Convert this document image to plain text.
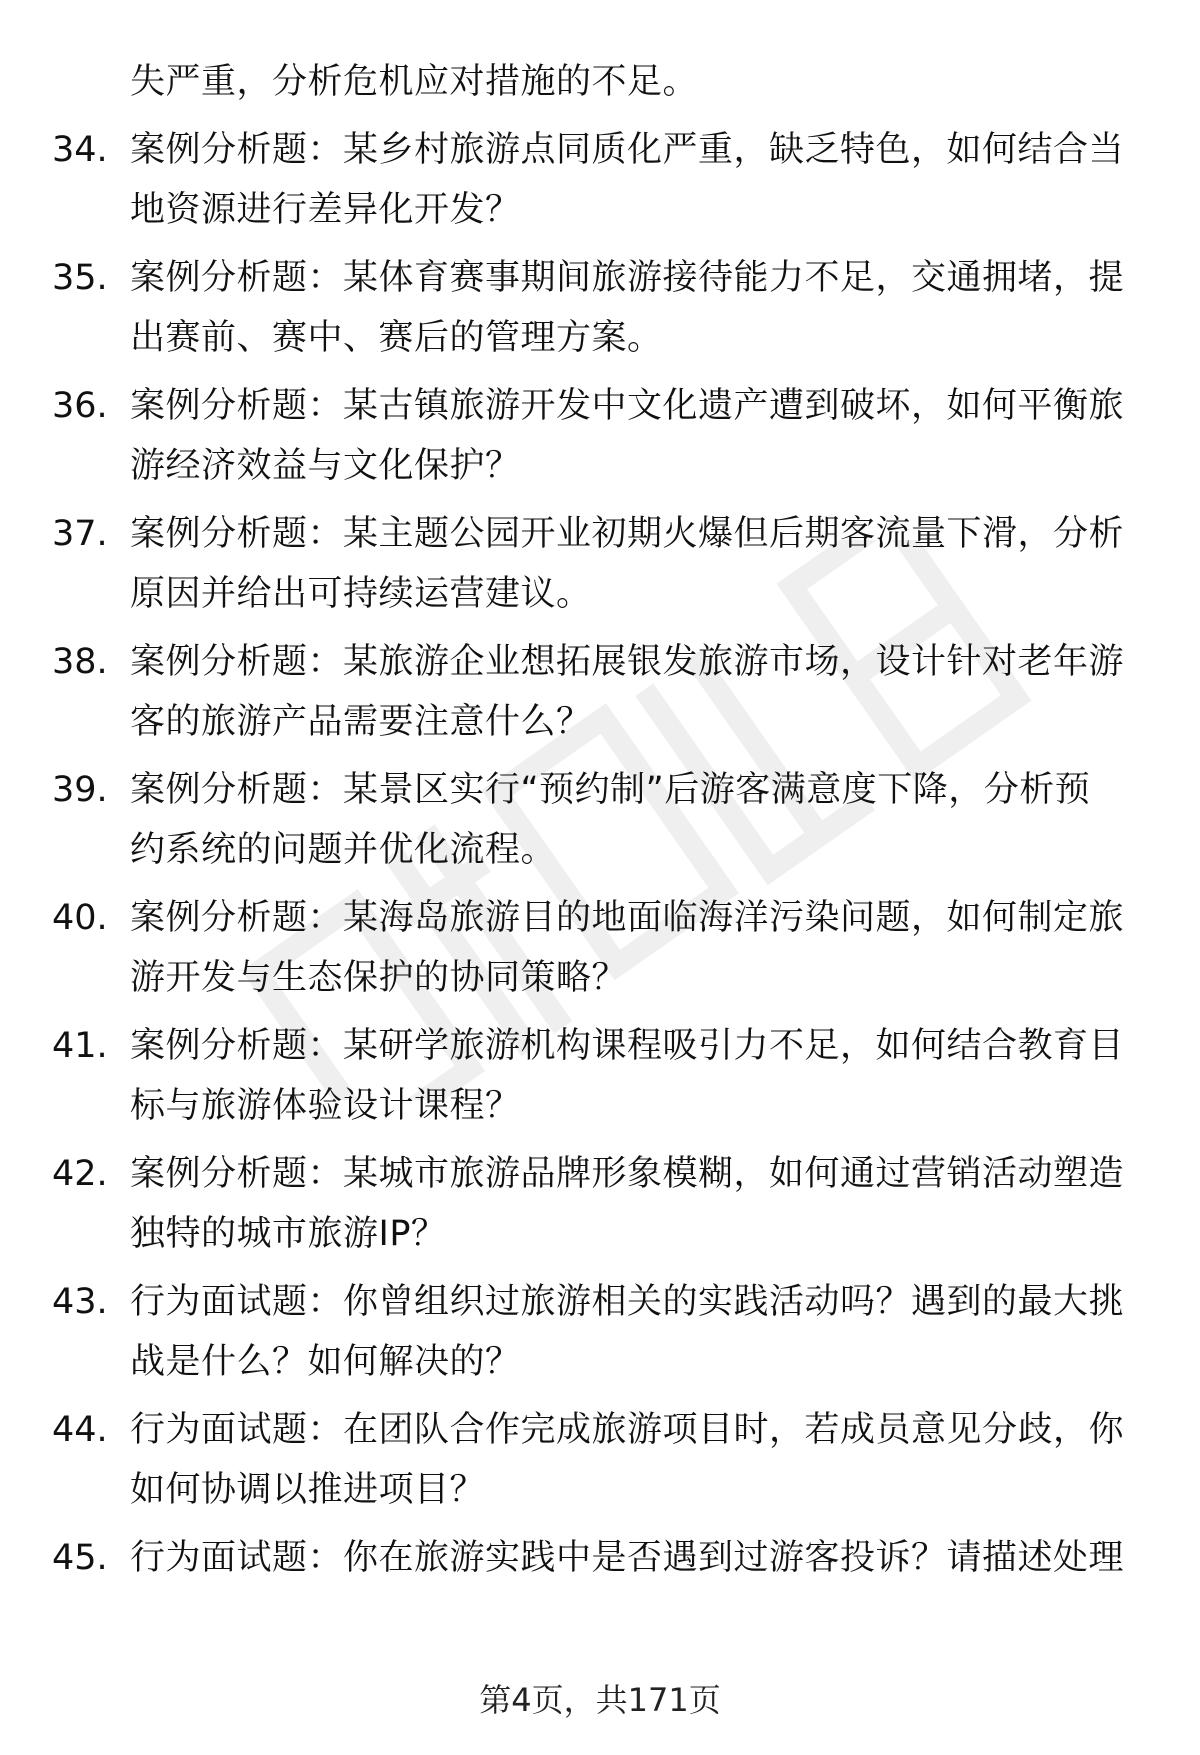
失严重，分析危机应对措施的不足。
34. 案例分析题：某乡村旅游点同质化严重，缺乏特色，如何结合当
地资源进行差异化开发？
35. 案例分析题：某体育赛事期间旅游接待能力不足，交通拥堵，提
出赛前、赛中、赛后的管理方案。
36. 案例分析题：某古镇旅游开发中文化遗产遭到破坏，如何平衡旅
游经济效益与文化保护？
37. 案例分析题：某主题公园开业初期火爆但后期客流量下滑，分析
原因并给出可持续运营建议。
38. 案例分析题：某旅游企业想拓展银发旅游市场，设计针对老年游
客的旅游产品需要注意什么？
39. 案例分析题：某景区实行“预约制”后游客满意度下降，分析预
约系统的问题并优化流程。
40. 案例分析题：某海岛旅游目的地面临海洋污染问题，如何制定旅
游开发与生态保护的协同策略？
41. 案例分析题：某研学旅游机构课程吸引力不足，如何结合教育目
标与旅游体验设计课程？
42. 案例分析题：某城市旅游品牌形象模糊，如何通过营销活动塑造
独特的城市旅游IP？
43. 行为面试题：你曾组织过旅游相关的实践活动吗？遇到的最大挑
战是什么？如何解决的？
44. 行为面试题：在团队合作完成旅游项目时，若成员意见分歧，你
如何协调以推进项目？
45. 行为面试题：你在旅游实践中是否遇到过游客投诉？请描述处理
第4页，共171页
